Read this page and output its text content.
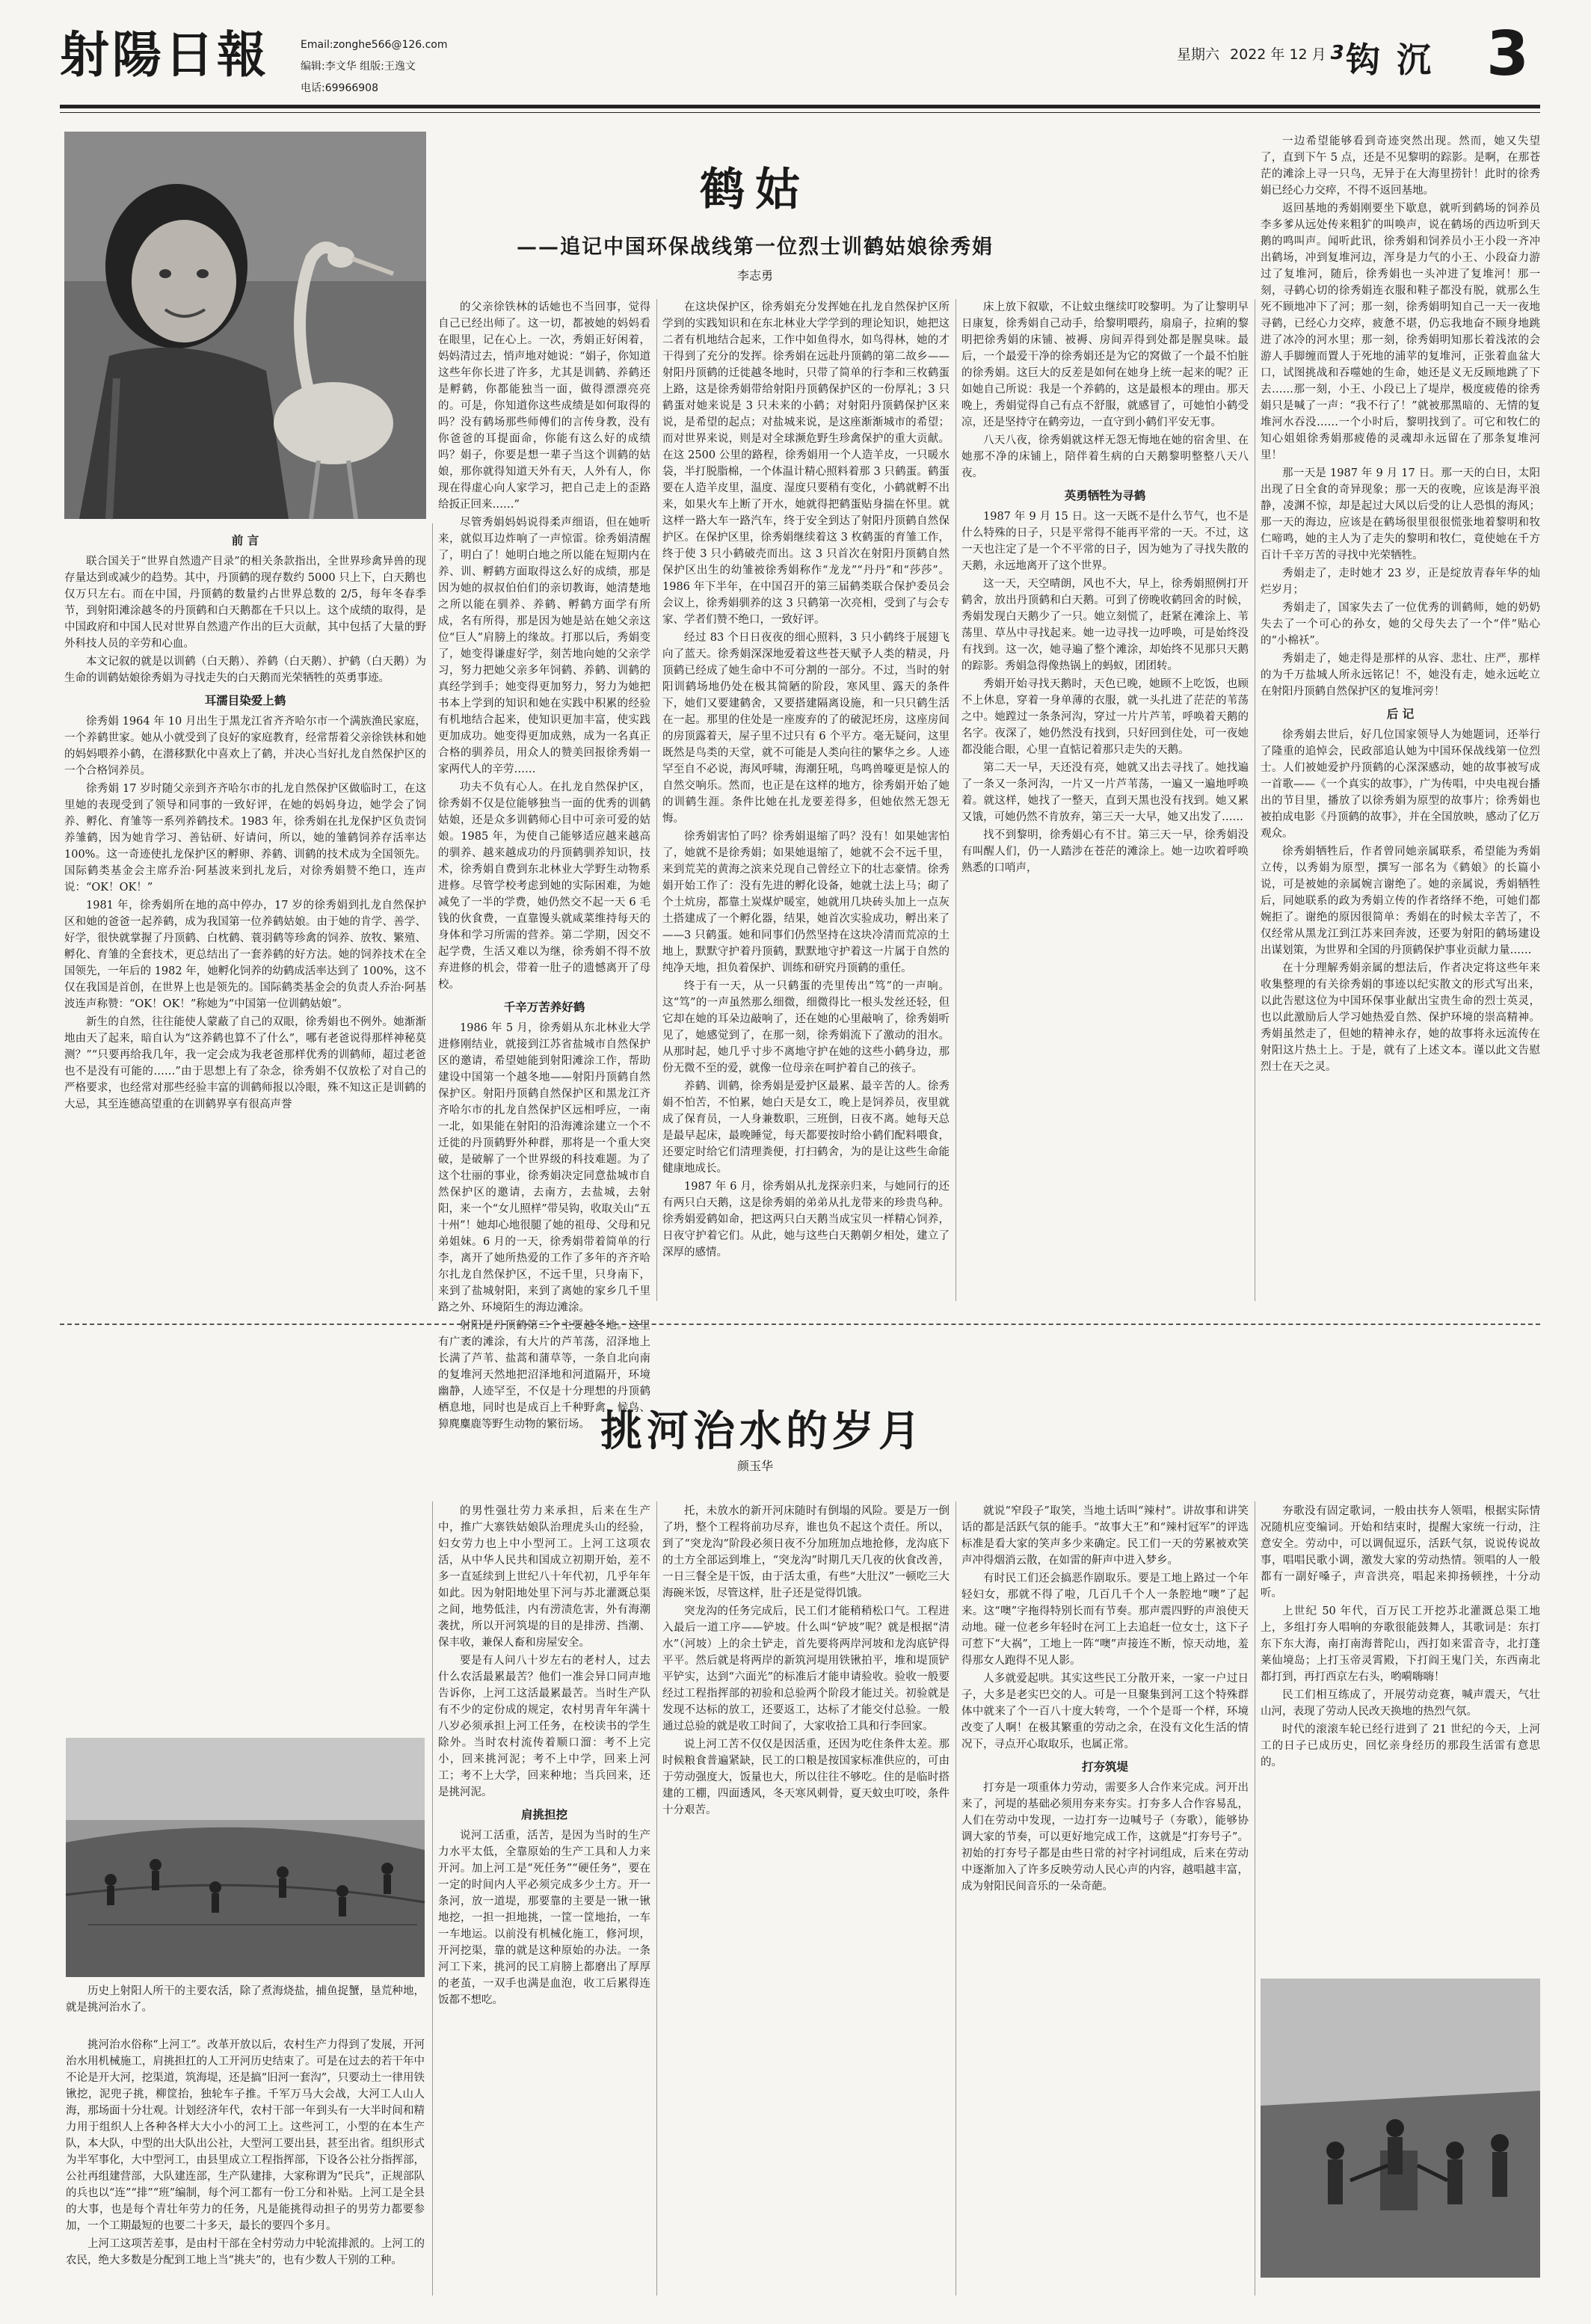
射陽日報	Email:zonghe566@126.com
编辑:李文华 组版:王逸文
电话:69966908
星期六 2022 年 12 月 3 钩沉 3
鹤姑
——追记中国环保战线第一位烈士训鹤姑娘徐秀娟
李志勇
前 言

联合国关于“世界自然遗产目录”的相关条款指出，全世界珍禽异兽的现存量达到或减少的趋势。其中，丹顶鹤的现存数约 5000 只上下，白天鹅也仅万只左右。而在中国，丹顶鹤的数量约占世界总数的 2/5，每年冬春季节，到射阳滩涂越冬的丹顶鹤和白天鹅都在千只以上。这个成绩的取得，是中国政府和中国人民对世界自然遗产作出的巨大贡献，其中包括了大量的野外科技人员的辛劳和心血。

本文记叙的就是以训鹤（白天鹅）、养鹤（白天鹅）、护鹤（白天鹅）为生命的训鹤姑娘徐秀娟为寻找走失的白天鹅而光荣牺牲的英勇事迹。

耳濡目染爱上鹤

徐秀娟 1964 年 10 月出生于黑龙江省齐齐哈尔市一个满族渔民家庭，一个养鹤世家。她从小就受到了良好的家庭教育，经常帮着父亲徐铁林和她的妈妈喂养小鹤，在潜移默化中喜欢上了鹤，并决心当好扎龙自然保护区的一个合格饲养员。

徐秀娟 17 岁时随父亲到齐齐哈尔市的扎龙自然保护区做临时工，在这里她的表现受到了领导和同事的一致好评，在她的妈妈身边，她学会了饲养、孵化、育雏等一系列养鹤技术。1983 年，徐秀娟在扎龙保护区负责饲养雏鹤，因为她肯学习、善钻研、好请问，所以，她的雏鹤饲养存活率达 100%。这一奇迹使扎龙保护区的孵卵、养鹤、训鹤的技术成为全国领先。国际鹤类基金会主席乔治·阿基波来到扎龙后，对徐秀娟赞不绝口，连声说：“OK！OK！”

1981 年，徐秀娟所在地的高中停办，17 岁的徐秀娟到扎龙自然保护区和她的爸爸一起养鹤，成为我国第一位养鹤姑娘。由于她的肯学、善学、好学，很快就掌握了丹顶鹤、白枕鹤、蓑羽鹤等珍禽的饲养、放牧、繁殖、孵化、育雏的全套技术，更总结出了一套养鹤的好方法。她的饲养技术在全国领先，一年后的 1982 年，她孵化饲养的幼鹤成活率达到了 100%，这不仅在我国是首创，在世界上也是领先的。国际鹤类基金会的负责人乔治·阿基波连声称赞：“OK！OK！”称她为“中国第一位训鹤姑娘”。

新生的自然，往往能使人蒙蔽了自己的双眼，徐秀娟也不例外。她渐渐地由天了起来，暗自认为“这养鹤也算不了什么”，哪有老爸说得那样神秘莫测？”“只要再给我几年，我一定会成为我老爸那样优秀的训鹤师，超过老爸也不是没有可能的……”由于思想上有了杂念，徐秀娟不仅放松了对自己的严格要求，也经常对那些经验丰富的训鹤师报以冷眼，殊不知这正是训鹤的大忌，其至连德高望重的在训鹤界享有很高声誉

的父亲徐铁林的话她也不当回事，觉得自己已经出师了。这一切，都被她的妈妈看在眼里，记在心上。一次，秀娟正好闲着，妈妈清过去，悄声地对她说：“娟子，你知道这些年你长进了许多，尤其是训鹤、养鹤还是孵鹤，你都能独当一面，做得漂漂亮亮的。可是，你知道你这些成绩是如何取得的吗？没有鹤场那些师傅们的言传身教，没有你爸爸的耳提面命，你能有这么好的成绩吗？娟子，你要是想一辈子当这个训鹤的姑娘，那你就得知道天外有天，人外有人，你现在得虚心向人家学习，把自己走上的歪路给扳正回来……”

尽管秀娟妈妈说得柔声细语，但在她听来，就似耳边炸响了一声惊雷。徐秀娟清醒了，明白了！她明白地之所以能在短期内在养、训、孵鹤方面取得这么好的成绩，那是因为她的叔叔伯伯们的亲切教诲，她清楚地之所以能在驯养、养鹤、孵鹤方面学有所成，名有所得，那是因为她是站在她父亲这位“巨人”肩膀上的缘故。打那以后，秀娟变了，她变得谦虚好学，刻苦地向她的父亲学习，努力把她父亲多年饲鹤、养鹤、训鹤的真经学到手；她变得更加努力，努力为她把书本上学到的知识和她在实践中积累的经验有机地结合起来，使知识更加丰富，使实践更加成功。她变得更加成熟，成为一名真正合格的驯养员，用众人的赞美回报徐秀娟一家两代人的辛劳……

功夫不负有心人。在扎龙自然保护区，徐秀娟不仅是位能够独当一面的优秀的训鹤姑娘，还是众多训鹤师心目中可亲可爱的姑娘。1985 年，为使自己能够适应越来越高的驯养、越来越成功的丹顶鹤驯养知识，技术，徐秀娟自费到东北林业大学野生动物系进修。尽管学校考虑到她的实际困难，为她减免了一半的学费，她仍然交不起一天 6 毛钱的伙食费，一直靠馒头就咸菜维持每天的身体和学习所需的营养。第二学期，因交不起学费，生活又难以为继，徐秀娟不得不放弃进修的机会，带着一肚子的遗憾离开了母校。

千辛万苦养好鹤

1986 年 5 月，徐秀娟从东北林业大学进修刚结业，就接到江苏省盐城市自然保护区的邀请，希望她能到射阳滩涂工作，帮助建设中国第一个越冬地——射阳丹顶鹤自然保护区。射阳丹顶鹤自然保护区和黑龙江齐齐哈尔市的扎龙自然保护区远相呼应，一南一北，如果能在射阳的沿海滩涂建立一个不迁徙的丹顶鹤野外种群，那将是一个重大突破，是破解了一个世界级的科技难题。为了这个壮丽的事业，徐秀娟决定同意盐城市自然保护区的邀请，去南方，去盐城，去射阳，来一个“女儿照样”带吴钩，收取关山“五十州”！她却心地很腿了她的祖母、父母和兄弟姐妹。6 月的一天，徐秀娟带着简单的行李，离开了她所热爱的工作了多年的齐齐哈尔扎龙自然保护区，不远千里，只身南下，来到了盐城射阳，来到了离她的家乡几千里路之外、环境陌生的海边滩涂。

射阳是丹顶鹤第二个主要越冬地。这里有广袤的滩涂，有大片的芦苇荡，沼泽地上长满了芦苇、盐蒿和蒲草等，一条自北向南的复堆河天然地把沼泽地和河道隔开，环境幽静，人迹罕至，不仅是十分理想的丹顶鹤栖息地，同时也是成百上千种野禽、候鸟、獐麂麋鹿等野生动物的繁衍场。

在这块保护区，徐秀娟充分发挥她在扎龙自然保护区所学到的实践知识和在东北林业大学学到的理论知识，她把这二者有机地结合起来，工作中如鱼得水，如鸟得林，她的才干得到了充分的发挥。徐秀娟在远赴丹顶鹤的第二故乡——射阳丹顶鹤的迁徙越冬地时，只带了简单的行李和三枚鹤蛋上路，这是徐秀娟带给射阳丹顶鹤保护区的一份厚礼；3 只鹤蛋对她来说是 3 只未来的小鹤；对射阳丹顶鹤保护区来说，是希望的起点；对盐城来说，是这座渐渐城市的希望；而对世界来说，则是对全球濒危野生珍禽保护的重大贡献。在这 2500 公里的路程，徐秀娟用一个人造羊皮，一只暖水袋，半打脱脂棉，一个体温计精心照料着那 3 只鹤蛋。鹤蛋要在人造羊皮里，温度、湿度只要稍有变化，小鹤就孵不出来，如果火车上断了开水，她就得把鹤蛋贴身揣在怀里。就这样一路大车一路汽车，终于安全到达了射阳丹顶鹤自然保护区。在保护区里，徐秀娟继续着这 3 枚鹤蛋的育雏工作，终于使 3 只小鹤破壳而出。这 3 只首次在射阳丹顶鹤自然保护区出生的幼雏被徐秀娟称作“龙龙”“丹丹”和“莎莎”。1986 年下半年，在中国召开的第三届鹤类联合保护委员会会议上，徐秀娟驯养的这 3 只鹤第一次亮相，受到了与会专家、学者们赞不绝口，一致好评。

经过 83 个日日夜夜的细心照料，3 只小鹤终于展翅飞向了蓝天。徐秀娟深深地爱着这些苍天赋予人类的精灵，丹顶鹤已经成了她生命中不可分割的一部分。不过，当时的射阳训鹤场地仍处在极其简陋的阶段，寒风里、露天的条件下，她们又要建鹤舍，又要搭建隔离设施，和一只只鹤生活在一起。那里的住处是一座废弃的了的破泥坯房，这座房间的房顶露着天，屋子里不过只有 6 个平方。毫无疑问，这里既然是鸟类的天堂，就不可能是人类向往的繁华之乡。人迹罕至自不必说，海风呼啸，海潮狂吼，鸟鸣兽嚎更是惊人的自然交响乐。然而，也正是在这样的地方，徐秀娟开始了她的训鹤生涯。条件比她在扎龙要差得多，但她依然无怨无悔。

徐秀娟害怕了吗？徐秀娟退缩了吗？没有！如果她害怕了，她就不是徐秀娟；如果她退缩了，她就不会不远千里，来到荒芜的黄海之滨来兑现自己曾经立下的壮志豪情。徐秀娟开始工作了：没有先进的孵化设备，她就土法上马；砌了个土炕房，都靠土炭煤炉暖室，她就用几块砖头加上一点灰土搭建成了一个孵化器，结果，她首次实验成功，孵出来了——3 只鹤蛋。她和同事们仍然坚持在这块冷清而荒凉的土地上，默默守护着丹顶鹤，默默地守护着这一片属于自然的纯净天地，担负着保护、训练和研究丹顶鹤的重任。

终于有一天，从一只鹤蛋的壳里传出“笃”的一声响。这“笃”的一声虽然那么细微，细微得比一根头发丝还轻，但它却在她的耳朵边敲响了，还在她的心里敲响了，徐秀娟听见了，她感觉到了，在那一刻，徐秀娟流下了激动的泪水。从那时起，她几乎寸步不离地守护在她的这些小鹤身边，那份无微不至的爱，就像一位母亲在呵护着自己的孩子。

养鹤、训鹤，徐秀娟是爱护区最累、最辛苦的人。徐秀娟不怕苦，不怕累，她白天是女工，晚上是饲养员，夜里就成了保育员，一人身兼数职，三班倒，日夜不离。她每天总是最早起床，最晚睡觉，每天都要按时给小鹤们配料喂食，还要定时给它们清理粪便，打扫鹤舍，为的是让这些生命能健康地成长。

1987 年 6 月，徐秀娟从扎龙探亲归来，与她同行的还有两只白天鹅，这是徐秀娟的弟弟从扎龙带来的珍贵鸟种。徐秀娟爱鹤如命，把这两只白天鹅当成宝贝一样精心饲养，日夜守护着它们。从此，她与这些白天鹅朝夕相处，建立了深厚的感情。

床上放下叙歇，不让蚊虫继续叮咬黎明。为了让黎明早日康复，徐秀娟自己动手，给黎明喂药，扇扇子，拉痢的黎明把徐秀娟的床铺、被褥、房间弄得到处都是腥臭味。最后，一个最爱干净的徐秀娟还是为它的窝做了一个最不怕脏的徐秀娟。这巨大的反差是如何在她身上统一起来的呢？正如她自己所说：我是一个养鹤的，这是最根本的理由。那天晚上，秀娟觉得自己有点不舒服，就感冒了，可她怕小鹤受凉，还是坚持守在鹤旁边，一直守到小鹤们平安无事。

八天八夜，徐秀娟就这样无怨无悔地在她的宿舍里、在她那不净的床铺上，陪伴着生病的白天鹅黎明整整八天八夜。

英勇牺牲为寻鹤

1987 年 9 月 15 日。这一天既不是什么节气，也不是什么特殊的日子，只是平常得不能再平常的一天。不过，这一天也注定了是一个不平常的日子，因为她为了寻找失散的天鹅，永远地离开了这个世界。

这一天，天空晴朗，风也不大，早上，徐秀娟照例打开鹤舍，放出丹顶鹤和白天鹅。可到了傍晚收鹤回舍的时候，秀娟发现白天鹅少了一只。她立刻慌了，赶紧在滩涂上、苇荡里、草丛中寻找起来。她一边寻找一边呼唤，可是始终没有找到。这一次，她寻遍了整个滩涂，却始终不见那只天鹅的踪影。秀娟急得像热锅上的蚂蚁，团团转。

秀娟开始寻找天鹅时，天色已晚，她顾不上吃饭，也顾不上休息，穿着一身单薄的衣服，就一头扎进了茫茫的苇荡之中。她蹚过一条条河沟，穿过一片片芦苇，呼唤着天鹅的名字。夜深了，她仍然没有找到，只好回到住处，可一夜她都没能合眼，心里一直惦记着那只走失的天鹅。

第二天一早，天还没有亮，她就又出去寻找了。她找遍了一条又一条河沟，一片又一片芦苇荡，一遍又一遍地呼唤着。就这样，她找了一整天，直到天黑也没有找到。她又累又饿，可她仍然不肯放弃，第三天一大早，她又出发了……

找不到黎明，徐秀娟心有不甘。第三天一早，徐秀娟没有叫醒人们，仍一人踏涉在苍茫的滩涂上。她一边吹着呼唤熟悉的口哨声，

一边希望能够看到奇迹突然出现。然而，她又失望了，直到下午 5 点，还是不见黎明的踪影。是啊，在那苍茫的滩涂上寻一只鸟，无异于在大海里捞针！此时的徐秀娟已经心力交瘁，不得不返回基地。

返回基地的秀娟刚要坐下歇息，就听到鹤场的饲养员李多爹从远处传来粗犷的叫唤声，说在鹤场的西边听到天鹅的鸣叫声。闻听此讯，徐秀娟和饲养员小王小段一齐冲出鹤场，冲到复堆河边，浑身是力气的小王、小段奋力游过了复堆河，随后，徐秀娟也一头冲进了复堆河！那一刻，寻鹤心切的徐秀娟连衣服和鞋子都没有脱，就那么生死不顾地冲下了河；那一刻，徐秀娟明知自己一天一夜地寻鹤，已经心力交瘁，疲惫不堪，仍忘我地奋不顾身地跳进了冰冷的河水里；那一刻，徐秀娟明知那长着浅浓的会游人手脚缠而置人于死地的浦苹的复堆河，正张着血盆大口，试图挑战和吞噬她的生命，她还是义无反顾地跳了下去……那一刻，小王、小段已上了堤岸，极度疲倦的徐秀娟只是喊了一声：“我不行了！”就被那黑暗的、无情的复堆河水吞没……一个小时后，黎明找到了。可它和牧仁的知心姐姐徐秀娟那疲倦的灵魂却永远留在了那条复堆河里！

那一天是 1987 年 9 月 17 日。那一天的白日，太阳出现了日全食的奇异现象；那一天的夜晚，应该是海平浪静，凌渊不惊，却是起过大风以后受的让人恐惧的海风；那一天的海边，应该是在鹤场很里很很慌张地着黎明和牧仁啼鸣，她的主人为了走失的黎明和牧仁，竟使她在千方百计千辛万苦的寻找中光荣牺牲。

秀娟走了，走时她才 23 岁，正是绽放青春年华的灿烂岁月；

秀娟走了，国家失去了一位优秀的训鹤师，她的奶奶失去了一个可心的孙女，她的父母失去了一个“伴”贴心的“小棉袄”。

秀娟走了，她走得是那样的从容、悲壮、庄严，那样的为千万盐城人所永远铭记！不，她没有走，她永远屹立在射阳丹顶鹤自然保护区的复堆河旁！

后 记

徐秀娟去世后，好几位国家领导人为她题词，还举行了隆重的追悼会，民政部追认她为中国环保战线第一位烈士。人们被她爱护丹顶鹤的心深深感动，她的故事被写成一首歌——《一个真实的故事》，广为传唱，中央电视台播出的节目里，播放了以徐秀娟为原型的故事片；徐秀娟也被拍成电影《丹顶鹤的故事》，并在全国放映，感动了亿万观众。

徐秀娟牺牲后，作者曾同她亲属联系，希望能为秀娟立传，以秀娟为原型，撰写一部名为《鹤娘》的长篇小说，可是被她的亲属婉言谢绝了。她的亲属说，秀娟牺牲后，同她联系的政为秀娟立传的作者络绎不绝，可她们都婉拒了。谢绝的原因很简单：秀娟在的时候太辛苦了，不仅经常从黑龙江到江苏来回奔波，还要为射阳的鹤场建设出谋划策，为世界和全国的丹顶鹤保护事业贡献力量……

在十分理解秀娟亲属的想法后，作者决定将这些年来收集整理的有关徐秀娟的事迹以纪实散文的形式写出来，以此告慰这位为中国环保事业献出宝贵生命的烈士英灵，也以此激励后人学习她热爱自然、保护环境的崇高精神。秀娟虽然走了，但她的精神永存，她的故事将永远流传在射阳这片热土上。于是，就有了上述文本。谨以此文告慰烈士在天之灵。

挑河治水的岁月
颜玉华
历史上射阳人所干的主要农活，除了煮海烧盐，捕鱼捉蟹，垦荒种地，就是挑河治水了。

挑河治水俗称“上河工”。改革开放以后，农村生产力得到了发展，开河治水用机械施工，肩挑担扛的人工开河历史结束了。可是在过去的若干年中不论是开大河，挖渠道，筑海堤，还是搞“旧河一套沟”，只要动土一律用铁锹挖，泥兜子挑，柳筐抬，独轮车子推。千军万马大会战，大河工人山人海，那场面十分壮观。计划经济年代，农村干部一年到头有一大半时间和精力用于组织人上各种各样大大小小的河工上。这些河工，小型的在本生产队，本大队，中型的出大队出公社，大型河工要出县，甚至出省。组织形式为半军事化，大中型河工，由县里成立工程指挥部，下设各公社分指挥部，公社再组建营部，大队建连部，生产队建排，大家称谓为“民兵”，正规部队的兵也以“连”“排”“班”编制，每个河工都有一份工分和补贴。上河工是全县的大事，也是每个青壮年劳力的任务，凡是能挑得动担子的男劳力都要参加，一个工期最短的也要二十多天，最长的要四个多月。

上河工这项苦差事，是由村干部在全村劳动力中轮流排派的。上河工的农民，绝大多数是分配到工地上当“挑夫”的，也有少数人干别的工种。

的男性强壮劳力来承担，后来在生产中，推广大寨铁姑娘队治理虎头山的经验，妇女劳力也上中小型河工。上河工这项农活，从中华人民共和国成立初期开始，差不多一直延续到上世纪八十年代初，几乎年年如此。因为射阳地处里下河与苏北灌溉总渠之间，地势低洼，内有涝渍危害，外有海潮袭扰，所以开河筑堤的目的是排涝、挡潮、保丰收，兼保人畜和房屋安全。

要是有人问八十岁左右的老村人，过去什么农活最累最苦？他们一准会异口同声地告诉你，上河工这活最累最苦。当时生产队有不少的定份成的规定，农村男青年年满十八岁必须承担上河工任务，在校读书的学生除外。当时农村流传着顺口溜：考不上完小，回来挑河泥；考不上中学，回来上河工；考不上大学，回来种地；当兵回来，还是挑河泥。

肩挑担挖

说河工活重，活苦，是因为当时的生产力水平太低，全靠原始的生产工具和人力来开河。加上河工是“死任务”“硬任务”，要在一定的时间内人平必须完成多少土方。开一条河，放一道堤，那要靠的主要是一锹一锹地挖，一担一担地挑，一筐一筐地抬，一车一车地运。以前没有机械化施工，修河坝，开河挖渠，靠的就是这种原始的办法。一条河工下来，挑河的民工肩膀上都磨出了厚厚的老茧，一双手也满是血泡，收工后累得连饭都不想吃。

托，未放水的新开河床随时有倒塌的风险。要是万一倒了坍，整个工程将前功尽弃，谁也负不起这个责任。所以，到了“突龙沟”阶段必须日夜不分加班加点地抢修，龙沟底下的土方全部运到堆上，“突龙沟”时期几天几夜的伙食改善，一日三餐全是干饭，由于活太重，有些“大肚汉”一顿吃三大海碗米饭，尽管这样，肚子还是觉得饥饿。

突龙沟的任务完成后，民工们才能稍稍松口气。工程进入最后一道工序——铲坡。什么叫“铲坡”呢？就是根据“清水”（河坡）上的余土铲走，首先要将两岸河坡和龙沟底铲得平平。然后就是将两岸的新筑河堤用铁锹拍平，堆和堤顶铲平铲实，达到“六面光”的标准后才能申请验收。验收一般要经过工程指挥部的初验和总验两个阶段才能过关。初验就是发现不达标的放工，还要返工，达标了才能交付总验。一般通过总验的就是收工时间了，大家收拾工具和行李回家。

说上河工苦不仅仅是因活重，还因为吃住条件太差。那时候粮食普遍紧缺，民工的口粮是按国家标准供应的，可由于劳动强度大，饭量也大，所以往往不够吃。住的是临时搭建的工棚，四面透风，冬天寒风刺骨，夏天蚊虫叮咬，条件十分艰苦。

就说“窄段子”取笑，当地土话叫“辣村”。讲故事和讲笑话的都是活跃气氛的能手。“故事大王”和“辣村冠军”的评选标准是看大家的笑声多少来确定。民工们一天的劳累被欢笑声冲得烟消云散，在如雷的鼾声中进入梦乡。

有时民工们还会搞恶作剧取乐。要是工地上路过一个年轻妇女，那就不得了啦，几百几千个人一条腔地“噢”了起来。这“噢”字拖得特别长而有节奏。那声震四野的声浪使天动地。碰一位老乡年轻时在河工上去追赶一位女士，这下子可惹下“大祸”，工地上一阵“噢”声接连不断，惊天动地，羞得那女人跑得不见人影。

人多就爱起哄。其实这些民工分散开来，一家一户过日子，大多是老实巴交的人。可是一旦聚集到河工这个特殊群体中就来了个一百八十度大转弯，一个个是哥一个样，环境改变了人啊！在极其繁重的劳动之余，在没有文化生活的情况下，寻点开心取取乐，也属正常。

打夯筑堤

打夯是一项重体力劳动，需要多人合作来完成。河开出来了，河堤的基础必须用夯来夯实。打夯多人合作容易乱，人们在劳动中发现，一边打夯一边喊号子（夯歌），能够协调大家的节奏，可以更好地完成工作，这就是“打夯号子”。初始的打夯号子都是由些日常的衬字衬词组成，后来在劳动中逐渐加入了许多反映劳动人民心声的内容，越唱越丰富，成为射阳民间音乐的一朵奇葩。

夯歌没有固定歌词，一般由扶夯人领唱，根据实际情况随机应变编词。开始和结束时，提醒大家统一行动，注意安全。劳动中，可以调侃逗乐，活跃气氛，说说传说故事，唱唱民歌小调，激发大家的劳动热情。领唱的人一般都有一副好嗓子，声音洪亮，唱起来抑扬顿挫，十分动听。

上世纪 50 年代，百万民工开挖苏北灌溉总渠工地上，多组打夯人唱响的夯歌很能鼓舞人，其歌词是：东打东下东大海，南打南海普陀山，西打如来雷音寺，北打蓬莱仙境岛；上打玉帝灵霄殿，下打阎王鬼门关，东西南北都打到，再打西京左右头，哟嗬嗨嗨！

民工们相互练成了，开展劳动竞赛，喊声震天，气壮山河，表现了劳动人民改天换地的热烈气氛。

时代的滚滚车轮已经行进到了 21 世纪的今天，上河工的日子已成历史，回忆亲身经历的那段生活雷有意思的。
